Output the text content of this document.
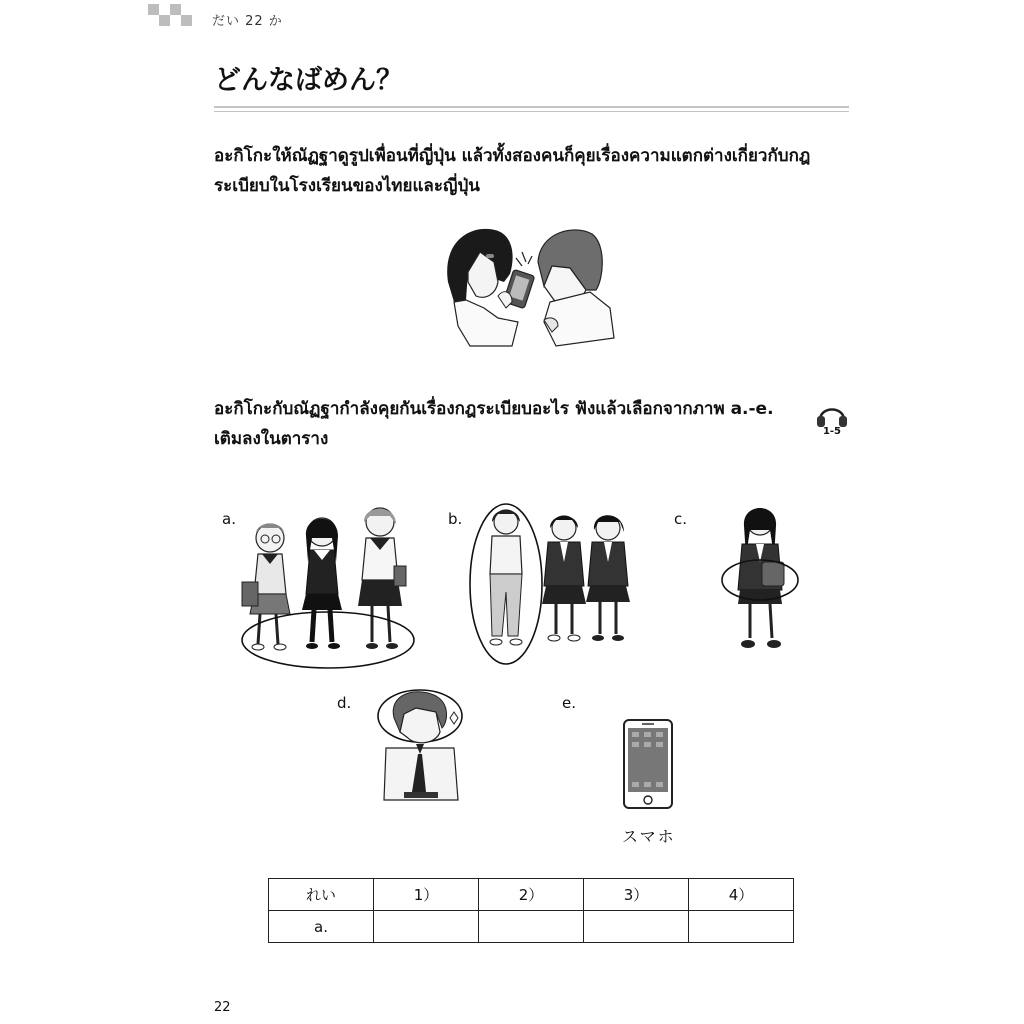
だい 22 か
どんなばめん？
อะกิโกะให้ณัฏฐาดูรูปเพื่อนที่ญี่ปุ่น แล้วทั้งสองคนก็คุยเรื่องความแตกต่างเกี่ยวกับกฎ
ระเบียบในโรงเรียนของไทยและญี่ปุ่น
อะกิโกะกับณัฏฐากำลังคุยกันเรื่องกฎระเบียบอะไร ฟังแล้วเลือกจากภาพ a.-e.
เติมลงในตาราง	1-5
a.	b.	c.
d.	e.
スマホ
れい	1）	2）	3）	4）
a.				
22
